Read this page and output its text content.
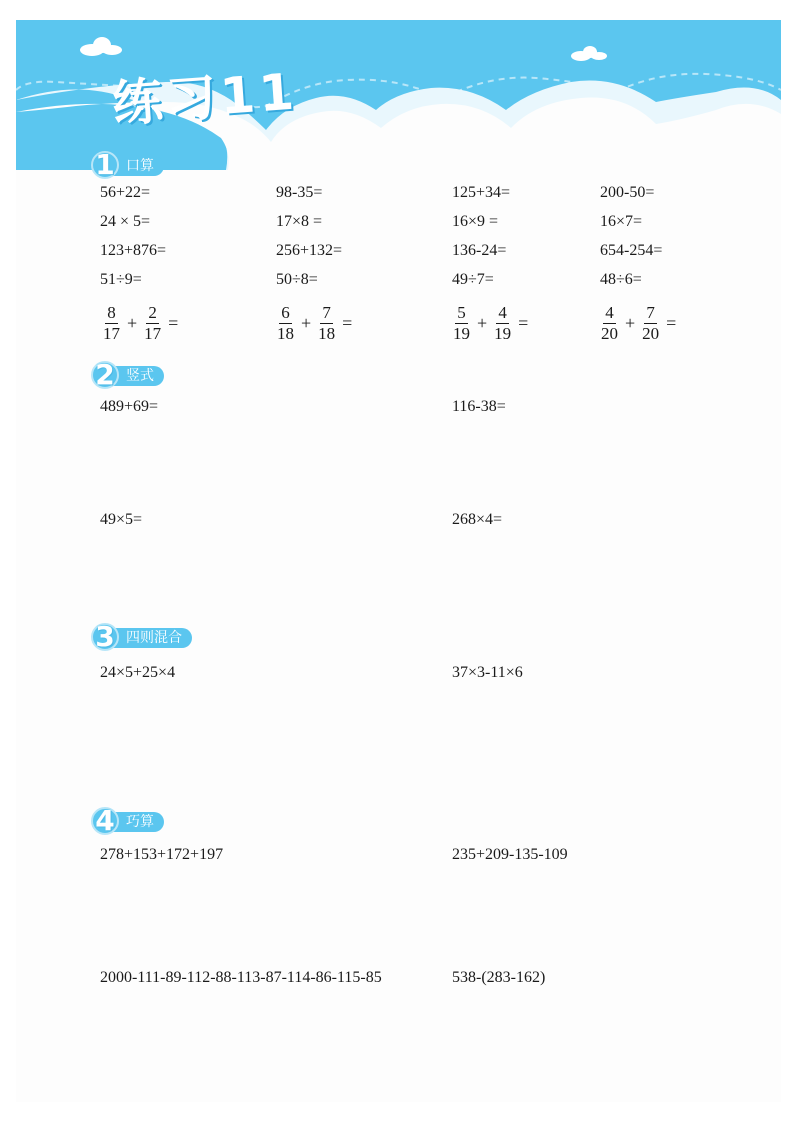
练习11
口算
1
56+22=	98-35=	125+34=	200-50=
24 × 5=	17×8 =	16×9 =	16×7=
123+876=	256+132=	136-24=	654-254=
51÷9=	50÷8=	49÷7=	48÷6=
$\frac{8}{17} + \frac{2}{17}$ =	$\frac{6}{18} + \frac{7}{18}$ =	$\frac{5}{19} + \frac{4}{19}$ =	$\frac{4}{20} + \frac{7}{20}$ =
竖式
2
489+69=	116-38=
49×5=	268×4=
四则混合
3
24×5+25×4	37×3-11×6
巧算
4
278+153+172+197	235+209-135-109
2000-111-89-112-88-113-87-114-86-115-85	538-(283-162)
